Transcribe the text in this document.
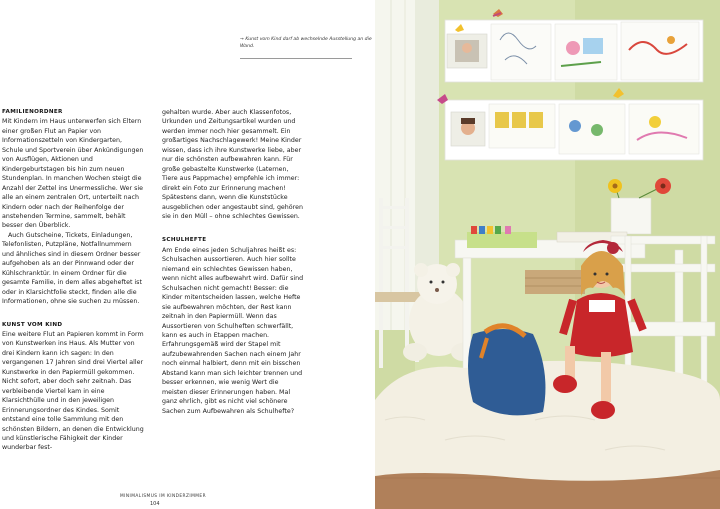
→ Kunst vom Kind darf ab wechselnde Ausstellung an die Wand.

FAMILIENORDNER

Mit Kindern im Haus unterwerfen sich Eltern einer großen Flut an Papier von Informationszetteln von Kindergarten, Schule und Sportverein über Ankündigungen von Ausflügen, Aktionen und Kindergeburtstagen bis hin zum neuen Stundenplan. In manchen Wochen steigt die Anzahl der Zettel ins Unermessliche. Wer sie alle an einem zentralen Ort, unterteilt nach Kindern oder nach der Reihenfolge der anstehenden Termine, sammelt, behält besser den Überblick.

Auch Gutscheine, Tickets, Einladungen, Telefonlisten, Putzpläne, Notfallnummern und ähnliches sind in diesem Ordner besser aufgehoben als an der Pinnwand oder der Kühlschranktür. In einem Ordner für die gesamte Familie, in dem alles abgeheftet ist oder in Klarsichtfolie steckt, finden alle die Informationen, ohne sie suchen zu müssen.

KUNST VOM KIND

Eine weitere Flut an Papieren kommt in Form von Kunstwerken ins Haus. Als Mutter von drei Kindern kann ich sagen: In den vergangenen 17 Jahren sind drei Viertel aller Kunstwerke in den Papiermüll gekommen. Nicht sofort, aber doch sehr zeitnah. Das verbleibende Viertel kam in eine Klarsichthülle und in den jeweiligen Erinnerungsordner des Kindes. Somit entstand eine tolle Sammlung mit den schönsten Bildern, an denen die Entwicklung und künstlerische Fähigkeit der Kinder wunderbar fest-

gehalten wurde. Aber auch Klassenfotos, Urkunden und Zeitungsartikel wurden und werden immer noch hier gesammelt. Ein großartiges Nachschlagewerk! Meine Kinder wissen, dass ich ihre Kunstwerke liebe, aber nur die schönsten aufbewahren kann. Für große gebastelte Kunstwerke (Laternen, Tiere aus Pappmache) empfehle ich immer: direkt ein Foto zur Erinnerung machen! Spätestens dann, wenn die Kunststücke ausgeblichen oder angestaubt sind, gehören sie in den Müll – ohne schlechtes Gewissen.

SCHULHEFTE

Am Ende eines jeden Schuljahres heißt es: Schulsachen aussortieren. Auch hier sollte niemand ein schlechtes Gewissen haben, wenn nicht alles aufbewahrt wird. Dafür sind Schulsachen nicht gemacht! Besser: die Kinder mitentscheiden lassen, welche Hefte sie aufbewahren möchten, der Rest kann zeitnah in den Papiermüll. Wenn das Aussortieren von Schulheften schwerfällt, kann es auch in Etappen machen. Erfahrungsgemäß wird der Stapel mit aufzubewahrenden Sachen nach einem Jahr noch einmal halbiert, denn mit ein bisschen Abstand kann man sich leichter trennen und besser erkennen, wie wenig Wert die meisten dieser Erinnerungen haben. Mal ganz ehrlich, gibt es nicht viel schönere Sachen zum Aufbewahren als Schulhefte?

MINIMALISMUS IM KINDERZIMMER
104
